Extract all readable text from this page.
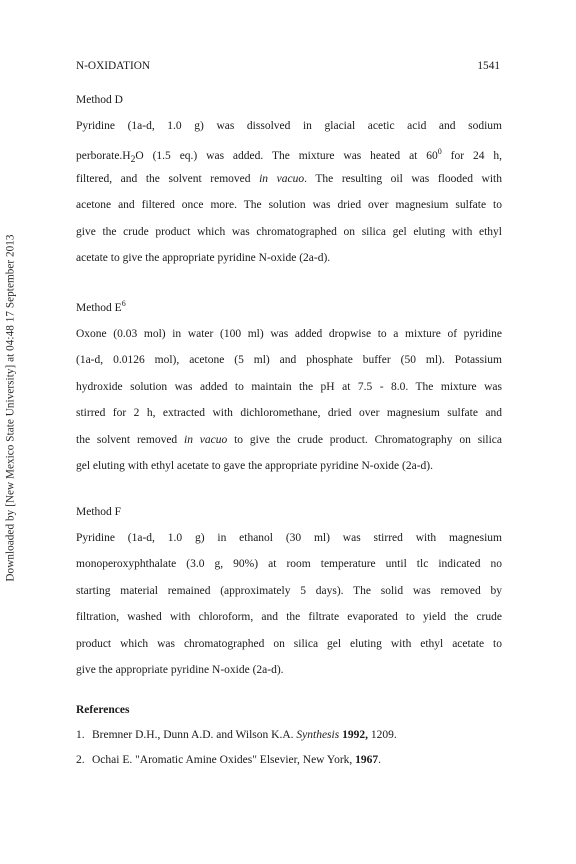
Downloaded by [New Mexico State University] at 04:48 17 September 2013
N-OXIDATION	1541
Method D
Pyridine (1a-d, 1.0 g) was dissolved in glacial acetic acid and sodium
$perborate.H_2O$ (1.5 eq.) was added. The mixture was heated at $60^0$ for 24 h,
filtered, and the solvent removed in vacuo. The resulting oil was flooded with
acetone and filtered once more. The solution was dried over magnesium sulfate to
give the crude product which was chromatographed on silica gel eluting with ethyl
acetate to give the appropriate pyridine N-oxide (2a-d).
Method $E^6$
Oxone (0.03 mol) in water (100 ml) was added dropwise to a mixture of pyridine
(1a-d, 0.0126 mol), acetone (5 ml) and phosphate buffer (50 ml). Potassium
hydroxide solution was added to maintain the pH at 7.5 - 8.0. The mixture was
stirred for 2 h, extracted with dichloromethane, dried over magnesium sulfate and
the solvent removed in vacuo to give the crude product. Chromatography on silica
gel eluting with ethyl acetate to gave the appropriate pyridine N-oxide (2a-d).
Method F
Pyridine (1a-d, 1.0 g) in ethanol (30 ml) was stirred with magnesium
monoperoxyphthalate (3.0 g, 90%) at room temperature until tlc indicated no
starting material remained (approximately 5 days). The solid was removed by
filtration, washed with chloroform, and the filtrate evaporated to yield the crude
product which was chromatographed on silica gel eluting with ethyl acetate to
give the appropriate pyridine N-oxide (2a-d).
References
1. Bremner D.H., Dunn A.D. and Wilson K.A. Synthesis 1992, 1209.
2. Ochai E. "Aromatic Amine Oxides" Elsevier, New York, 1967.
